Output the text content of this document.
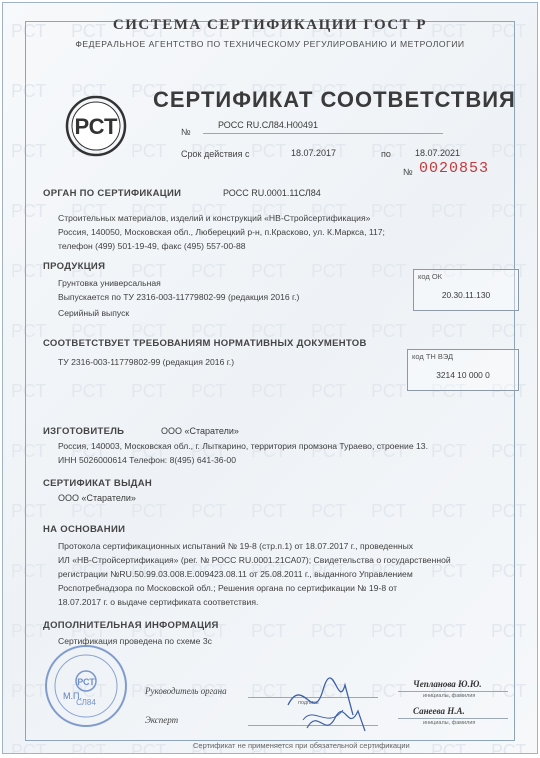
СИСТЕМА СЕРТИФИКАЦИИ ГОСТ Р
ФЕДЕРАЛЬНОЕ АГЕНТСТВО ПО ТЕХНИЧЕСКОМУ РЕГУЛИРОВАНИЮ И МЕТРОЛОГИИ
РСТ
СЕРТИФИКАТ СООТВЕТСТВИЯ
№
РОСС RU.СЛ84.Н00491
Срок действия с	18.07.2017	по	18.07.2021
№ 0020853
ОРГАН ПО СЕРТИФИКАЦИИ	РОСС RU.0001.11СЛ84
Строительных материалов, изделий и конструкций «НВ-Стройсертификация»
Россия, 140050, Московская обл., Люберецкий р-н, п.Красково, ул. К.Маркса, 117;
телефон (499) 501-19-49, факс (495) 557-00-88
ПРОДУКЦИЯ
Грунтовка универсальная
Выпускается по ТУ 2316-003-11779802-99 (редакция 2016 г.)
Серийный выпуск
код ОК
20.30.11.130
СООТВЕТСТВУЕТ ТРЕБОВАНИЯМ НОРМАТИВНЫХ ДОКУМЕНТОВ
ТУ 2316-003-11779802-99 (редакция 2016 г.)
код ТН ВЭД
3214 10 000 0
ИЗГОТОВИТЕЛЬ	ООО «Старатели»
Россия, 140003, Московская обл., г. Лыткарино, территория промзона Тураево, строение 13.
ИНН 5026000614 Телефон: 8(495) 641-36-00
СЕРТИФИКАТ ВЫДАН
ООО «Старатели»
НА ОСНОВАНИИ
Протокола сертификационных испытаний № 19-8 (стр.п.1) от 18.07.2017 г., проведенных
ИЛ «НВ-Стройсертификация» (рег. № РОСС RU.0001.21СА07); Свидетельства о государственной
регистрации №RU.50.99.03.008.Е.009423.08.11 от 25.08.2011 г., выданного Управлением
Роспотребнадзора по Московской обл.; Решения органа по сертификации № 19-8 от
18.07.2017 г. о выдаче сертификата соответствия.
ДОПОЛНИТЕЛЬНАЯ ИНФОРМАЦИЯ
Сертификация проведена по схеме 3с
РСТ
СЛ84
М.П.	Руководитель органа
подпись
Чепланова Ю.Ю.
инициалы, фамилия
Эксперт
Санеева Н.А.
инициалы, фамилия
Сертификат не применяется при обязательной сертификации
